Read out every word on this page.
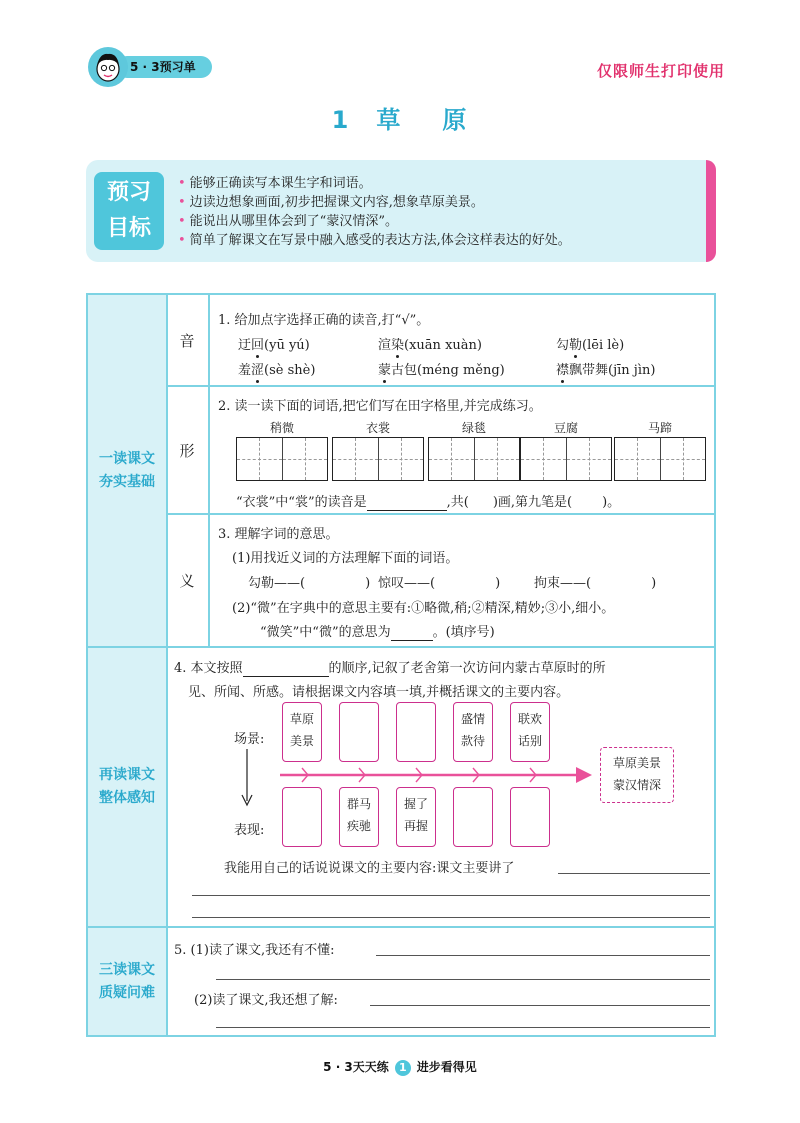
5 · 3预习单	仅限师生打印使用
1 草 原
预习
目标
• 能够正确读写本课生字和词语。
• 边读边想象画面,初步把握课文内容,想象草原美景。
• 能说出从哪里体会到了“蒙汉情深”。
• 简单了解课文在写景中融入感受的表达方法,体会这样表达的好处。
一读课文
夯实基础
再读课文
整体感知
三读课文
质疑问难
音
形
义
1. 给加点字选择正确的读音,打“√”。
迂回(yū yú)	渲染(xuān xuàn)	勾勒(lēi lè)
羞涩(sè shè)	蒙古包(méng měng)	襟飘带舞(jīn jìn)
2. 读一读下面的词语,把它们写在田字格里,并完成练习。
稍微	衣裳	绿毯	豆腐	马蹄
“衣裳”中“裳”的读音是	,共( )画,第九笔是( )。
3. 理解字词的意思。
(1)用找近义词的方法理解下面的词语。
勾勒——(	) 惊叹——(	)	拘束——(	)
(2)“微”在字典中的意思主要有:①略微,稍;②精深,精妙;③小,细小。
“微笑”中“微”的意思为	。(填序号)
4. 本文按照	的顺序,记叙了老舍第一次访问内蒙古草原时的所
见、所闻、所感。请根据课文内容填一填,并概括课文的主要内容。
场景:
表现:
草原
美景
盛情
款待
联欢
话别
群马
疾驰
握了
再握
草原美景
蒙汉情深
我能用自己的话说说课文的主要内容:课文主要讲了
5. (1)读了课文,我还有不懂:
(2)读了课文,我还想了解:
5 · 3天天练 1 进步看得见
